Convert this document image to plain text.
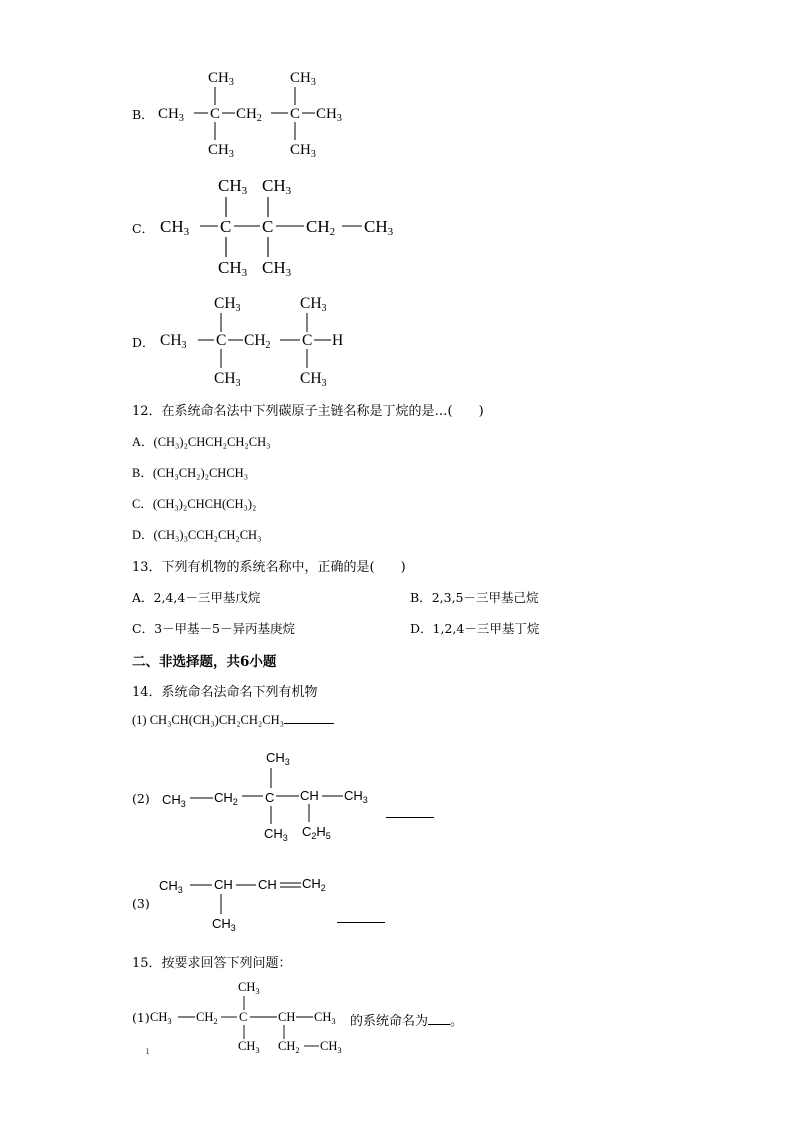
B．
$CH_3$	$CH_3$
$CH_3$ C $CH_2$ C $CH_3$
$CH_3$	$CH_3$
C．
CH3 CH3
CH3 C C CH2 CH3
CH3 CH3
D．
CH3	CH3
CH3 C CH2 C H
CH3	CH3
12．在系统命名法中下列碳原子主链名称是丁烷的是…(　　)
A．(CH₃)₂CHCH₂CH₂CH₃
B．(CH₃CH₂)₂CHCH₃
C．(CH₃)₂CHCH(CH₃)₂
D．(CH₃)₃CCH₂CH₂CH₃
13．下列有机物的系统名称中，正确的是(　　)
A．2,4,4－三甲基戊烷	B．2,3,5－三甲基己烷
C．3－甲基－5－异丙基庚烷	D．1,2,4－三甲基丁烷
二、非选择题，共6小题
14．系统命名法命名下列有机物
(1) CH₃CH(CH₃)CH₂CH₂CH₃
(2)
$CH_3$
$CH_3$ $CH_2$ C CH $CH_3$
$CH_3$ $C_2H_5$
(3)
$CH_3$ CH CH $CH_2$
$CH_3$
15．按要求回答下列问题：
(1)
$CH_3$
$CH_3$ $CH_2$ C CH $CH_3$
$CH_3$ $CH_2$ $CH_3$
的系统命名为 。
ı
